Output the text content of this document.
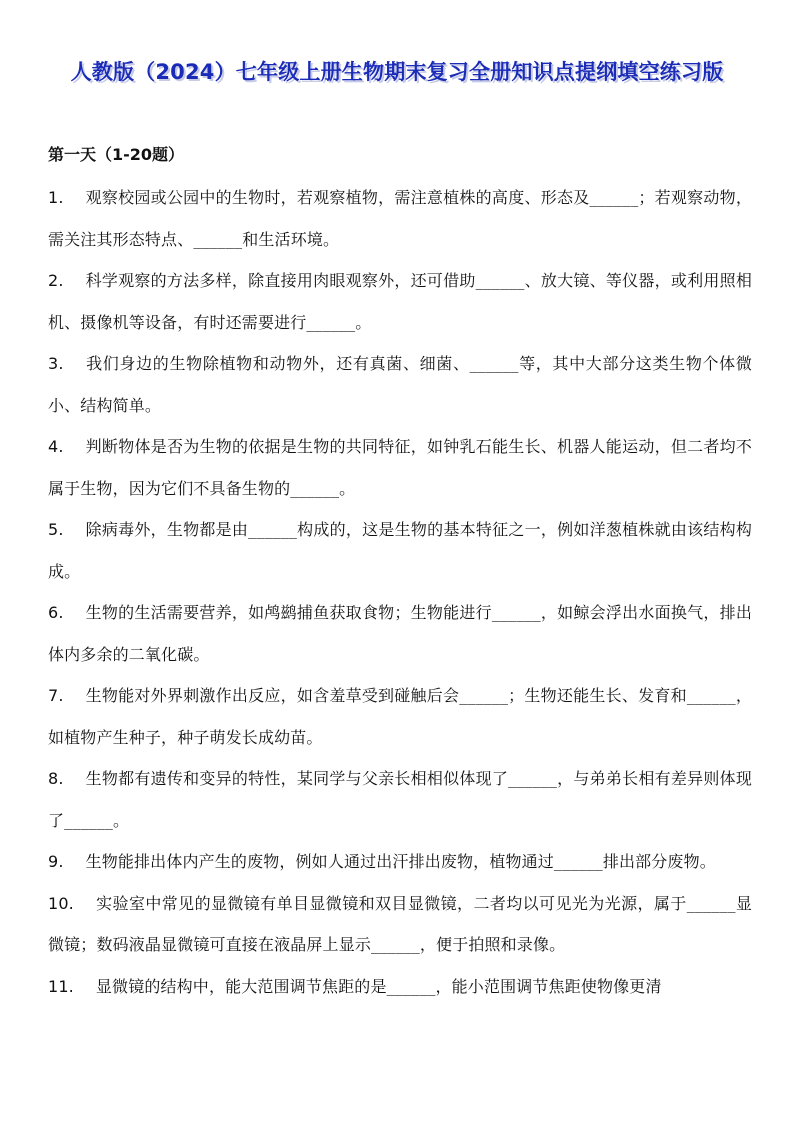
人教版（2024）七年级上册生物期末复习全册知识点提纲填空练习版
第一天（1-20题）
1. 观察校园或公园中的生物时，若观察植物，需注意植株的高度、形态及______；若观察动物，需关注其形态特点、______和生活环境。
2. 科学观察的方法多样，除直接用肉眼观察外，还可借助______、放大镜、等仪器，或利用照相机、摄像机等设备，有时还需要进行______。
3. 我们身边的生物除植物和动物外，还有真菌、细菌、______等，其中大部分这类生物个体微小、结构简单。
4. 判断物体是否为生物的依据是生物的共同特征，如钟乳石能生长、机器人能运动，但二者均不属于生物，因为它们不具备生物的______。
5. 除病毒外，生物都是由______构成的，这是生物的基本特征之一，例如洋葱植株就由该结构构成。
6. 生物的生活需要营养，如鸬鹚捕鱼获取食物；生物能进行______，如鲸会浮出水面换气，排出体内多余的二氧化碳。
7. 生物能对外界刺激作出反应，如含羞草受到碰触后会______；生物还能生长、发育和______，如植物产生种子，种子萌发长成幼苗。
8. 生物都有遗传和变异的特性，某同学与父亲长相相似体现了______，与弟弟长相有差异则体现了______。
9. 生物能排出体内产生的废物，例如人通过出汗排出废物，植物通过______排出部分废物。
10. 实验室中常见的显微镜有单目显微镜和双目显微镜，二者均以可见光为光源，属于______显微镜；数码液晶显微镜可直接在液晶屏上显示______，便于拍照和录像。
11. 显微镜的结构中，能大范围调节焦距的是______，能小范围调节焦距使物像更清
